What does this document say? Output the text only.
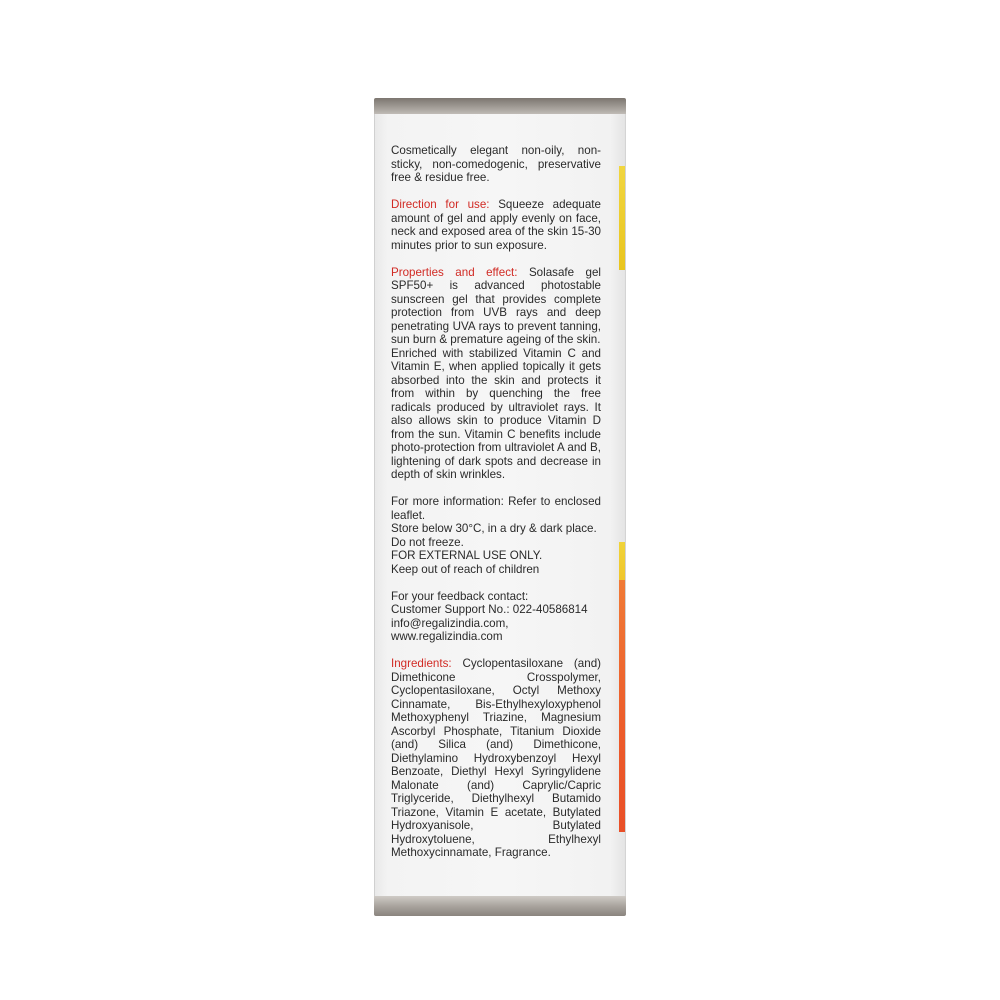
Cosmetically elegant non-oily, non-sticky, non-comedogenic, preservative free & residue free.

Direction for use: Squeeze adequate amount of gel and apply evenly on face, neck and exposed area of the skin 15-30 minutes prior to sun exposure.

Properties and effect: Solasafe gel SPF50+ is advanced photostable sunscreen gel that provides complete protection from UVB rays and deep penetrating UVA rays to prevent tanning, sun burn & premature ageing of the skin.

Enriched with stabilized Vitamin C and Vitamin E, when applied topically it gets absorbed into the skin and protects it from within by quenching the free radicals produced by ultraviolet rays. It also allows skin to produce Vitamin D from the sun. Vitamin C benefits include photo-protection from ultraviolet A and B, lightening of dark spots and decrease in depth of skin wrinkles.

For more information: Refer to enclosed leaflet.

Store below 30°C, in a dry & dark place.

Do not freeze.

FOR EXTERNAL USE ONLY.

Keep out of reach of children

For your feedback contact:

Customer Support No.: 022-40586814

info@regalizindia.com,

www.regalizindia.com

Ingredients: Cyclopentasiloxane (and) Dimethicone Crosspolymer, Cyclopentasiloxane, Octyl Methoxy Cinnamate, Bis-Ethylhexyloxyphenol Methoxyphenyl Triazine, Magnesium Ascorbyl Phosphate, Titanium Dioxide (and) Silica (and) Dimethicone, Diethylamino Hydroxybenzoyl Hexyl Benzoate, Diethyl Hexyl Syringylidene Malonate (and) Caprylic/Capric Triglyceride, Diethylhexyl Butamido Triazone, Vitamin E acetate, Butylated Hydroxyanisole, Butylated Hydroxytoluene, Ethylhexyl Methoxycinnamate, Fragrance.
